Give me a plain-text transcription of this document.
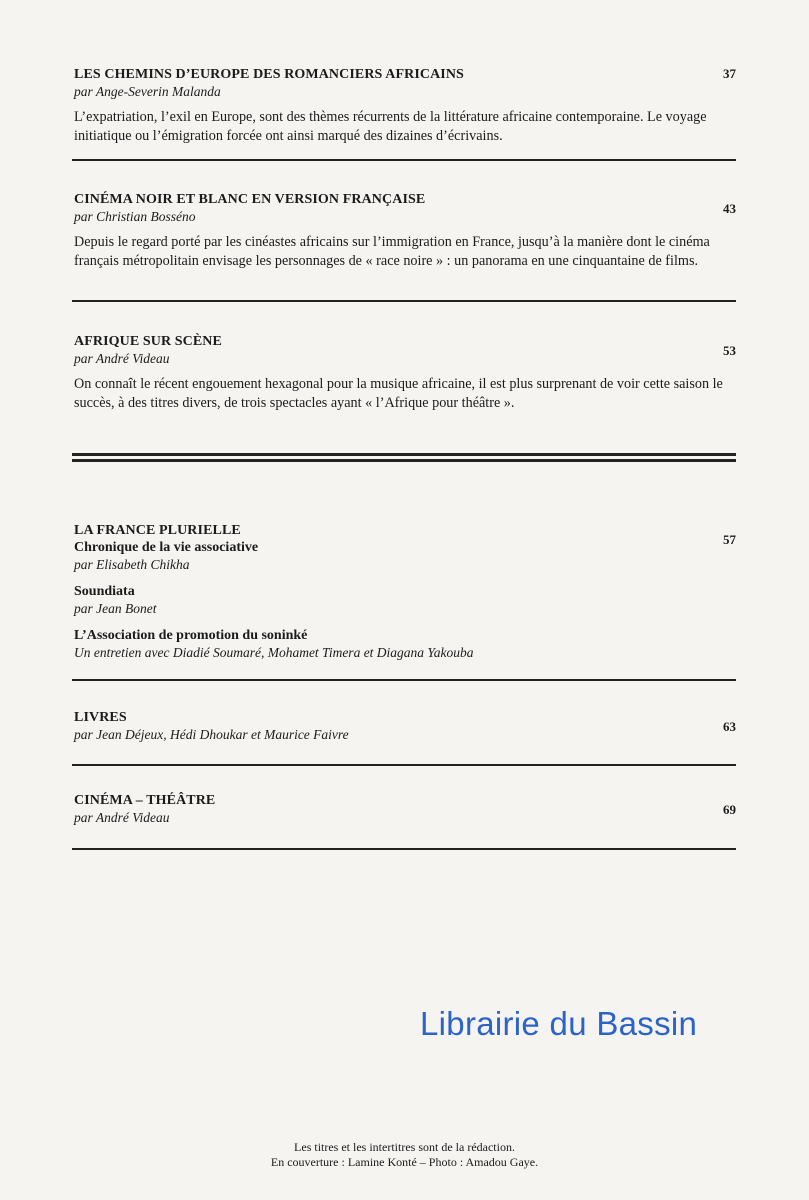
LES CHEMINS D’EUROPE DES ROMANCIERS AFRICAINS	37
par Ange-Severin Malanda
L’expatriation, l’exil en Europe, sont des thèmes récurrents de la littérature africaine contemporaine. Le voyage initiatique ou l’émigration forcée ont ainsi marqué des dizaines d’écrivains.
CINÉMA NOIR ET BLANC EN VERSION FRANÇAISE
43
par Christian Bosséno
Depuis le regard porté par les cinéastes africains sur l’immigration en France, jusqu’à la manière dont le cinéma français métropolitain envisage les personnages de « race noire » : un panorama en une cinquantaine de films.
AFRIQUE SUR SCÈNE
53
par André Videau
On connaît le récent engouement hexagonal pour la musique africaine, il est plus surprenant de voir cette saison le succès, à des titres divers, de trois spectacles ayant « l’Afrique pour théâtre ».
LA FRANCE PLURIELLE
57
Chronique de la vie associative
par Elisabeth Chikha
Soundiata
par Jean Bonet
L’Association de promotion du soninké
Un entretien avec Diadié Soumaré, Mohamet Timera et Diagana Yakouba
LIVRES
63
par Jean Déjeux, Hédi Dhoukar et Maurice Faivre
CINÉMA – THÉÂTRE
69
par André Videau
Librairie du Bassin
Les titres et les intertitres sont de la rédaction.
En couverture : Lamine Konté – Photo : Amadou Gaye.
